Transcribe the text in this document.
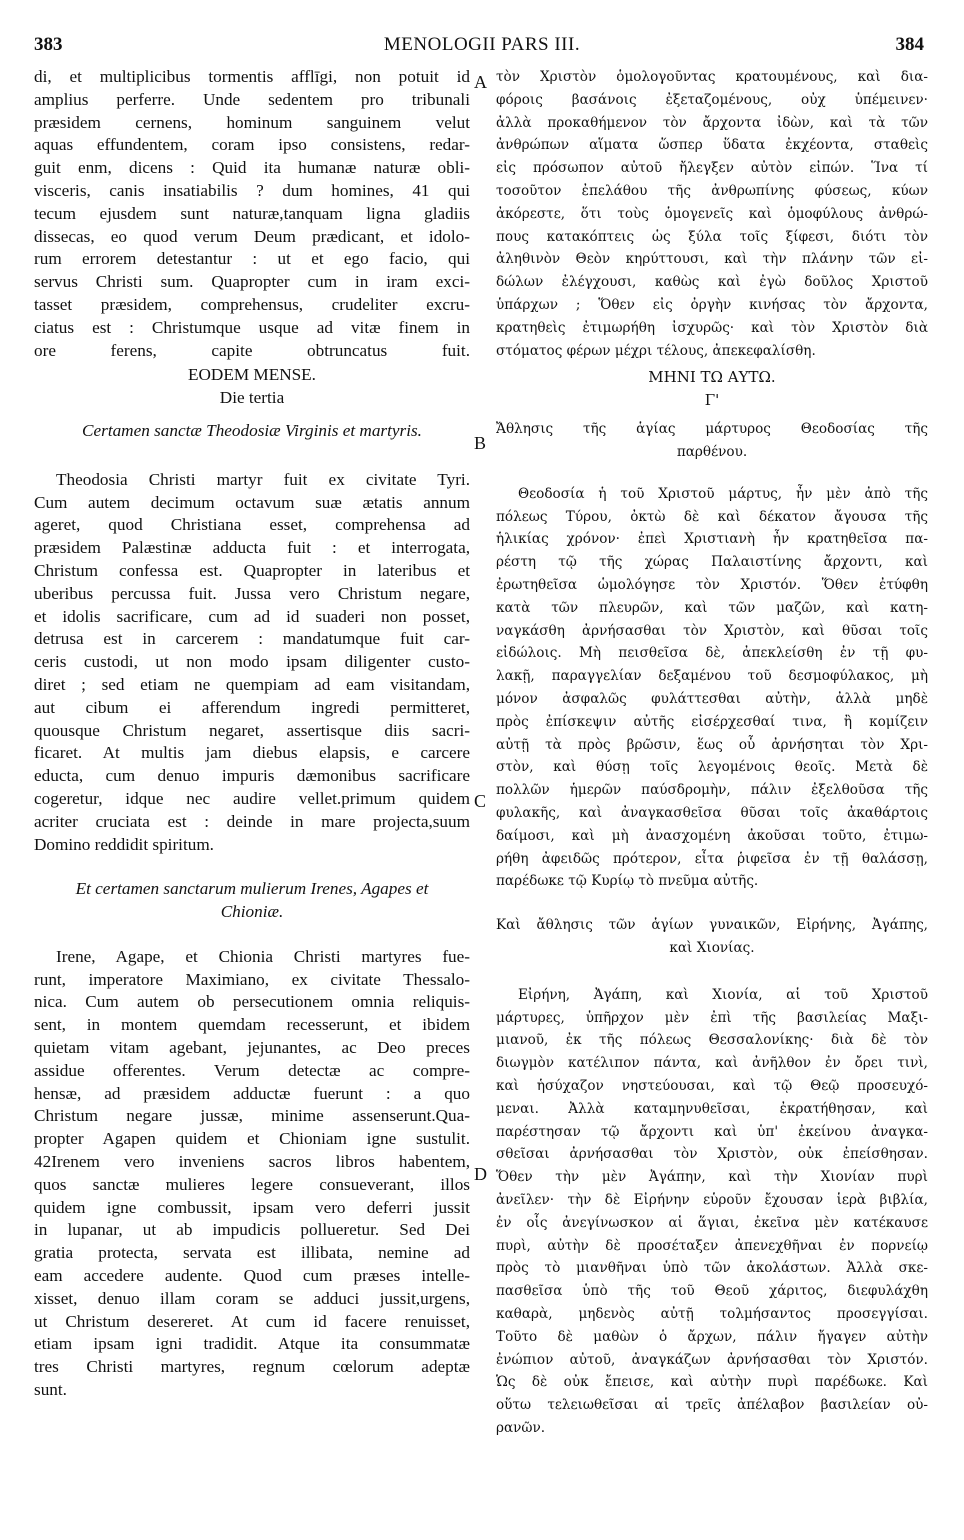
383	MENOLOGII PARS III.	384
A
B
C
D
di, et multiplicibus tormentis afflīgi, non potuit id
amplius perferre. Unde sedentem pro tribunali
præsidem cernens, hominum sanguinem velut
aquas effundentem, coram ipso consistens, redar-
guit enm, dicens : Quid ita humanæ naturæ obli-
visceris, canis insatiabilis ? dum homines, 41 qui
tecum ejusdem sunt naturæ,tanquam ligna gladiis
dissecas, eo quod verum Deum prædicant, et idolo-
rum errorem detestantur : ut et ego facio, qui
servus Christi sum. Quapropter cum in iram exci-
tasset præsidem, comprehensus, crudeliter excru-
ciatus est : Christumque usque ad vitæ finem in
ore ferens, capite obtruncatus fuit.
EODEM MENSE.
Die tertia
Certamen sanctæ Theodosiæ Virginis et martyris.
Theodosia Christi martyr fuit ex civitate Tyri.
Cum autem decimum octavum suæ ætatis annum
ageret, quod Christiana esset, comprehensa ad
præsidem Palæstinæ adducta fuit : et interrogata,
Christum confessa est. Quapropter in lateribus et
uberibus percussa fuit. Jussa vero Christum negare,
et idolis sacrificare, cum ad id suaderi non posset,
detrusa est in carcerem : mandatumque fuit car-
ceris custodi, ut non modo ipsam diligenter custo-
diret ; sed etiam ne quempiam ad eam visitandam,
aut cibum ei afferendum ingredi permitteret,
quousque Christum negaret, assertisque diis sacri-
ficaret. At multis jam diebus elapsis, e carcere
educta, cum denuo impuris dæmonibus sacrificare
cogeretur, idque nec audire vellet.primum quidem
acriter cruciata est : deinde in mare projecta,suum
Domino reddidit spiritum.
Et certamen sanctarum mulierum Irenes, Agapes et
Chioniæ.
Irene, Agape, et Chionia Christi martyres fue-
runt, imperatore Maximiano, ex civitate Thessalo-
nica. Cum autem ob persecutionem omnia reliquis-
sent, in montem quemdam recesserunt, et ibidem
quietam vitam agebant, jejunantes, ac Deo preces
assidue offerentes. Verum detectæ ac compre-
hensæ, ad præsidem adductæ fuerunt : a quo
Christum negare jussæ, minime assenserunt.Qua-
propter Agapen quidem et Chioniam igne sustulit.
42Irenem vero inveniens sacros libros habentem,
quos sanctæ mulieres legere consueverant, illos
quidem igne combussit, ipsam vero deferri jussit
in lupanar, ut ab impudicis pollueretur. Sed Dei
gratia protecta, servata est illibata, nemine ad
eam accedere audente. Quod cum præses intelle-
xisset, denuo illam coram se adduci jussit,urgens,
ut Christum desereret. At cum id facere renuisset,
etiam ipsam igni tradidit. Atque ita consummatæ
tres Christi martyres, regnum cœlorum adeptæ
sunt.
τὸν Χριστὸν ὁμολογοῦντας κρατουμένους, καὶ δια-
φόροις βασάνοις ἐξεταζομένους, οὐχ ὑπέμεινεν·
ἀλλὰ προκαθήμενον τὸν ἄρχοντα ἰδὼν, καὶ τὰ τῶν
ἀνθρώπων αἵματα ὥσπερ ὕδατα ἐκχέοντα, σταθεὶς
εἰς πρόσωπον αὐτοῦ ἤλεγξεν αὐτὸν εἰπών. Ἵνα τί
τοσοῦτον ἐπελάθου τῆς ἀνθρωπίνης φύσεως, κύων
ἀκόρεστε, ὅτι τοὺς ὁμογενεῖς καὶ ὁμοφύλους ἀνθρώ-
πους κατακόπτεις ὡς ξύλα τοῖς ξίφεσι, διότι τὸν
ἀληθινὸν Θεὸν κηρύττουσι, καὶ τὴν πλάνην τῶν εἰ-
δώλων ἐλέγχουσι, καθὼς καὶ ἐγὼ δοῦλος Χριστοῦ
ὑπάρχων ; Ὅθεν εἰς ὀργὴν κινήσας τὸν ἄρχοντα,
κρατηθεὶς ἐτιμωρήθη ἰσχυρῶς· καὶ τὸν Χριστὸν διὰ
στόματος φέρων μέχρι τέλους, ἀπεκεφαλίσθη.
ΜΗΝΙ ΤΩ ΑΥΤΩ.
Γ'
Ἄθλησις τῆς ἁγίας μάρτυρος Θεοδοσίας τῆς
παρθένου.
Θεοδοσία ἡ τοῦ Χριστοῦ μάρτυς, ἦν μὲν ἀπὸ τῆς
πόλεως Τύρου, ὀκτὼ δὲ καὶ δέκατον ἄγουσα τῆς
ἡλικίας χρόνον· ἐπεὶ Χριστιανὴ ἦν κρατηθεῖσα πα-
ρέστη τῷ τῆς χώρας Παλαιστίνης ἄρχοντι, καὶ
ἐρωτηθεῖσα ὡμολόγησε τὸν Χριστόν. Ὅθεν ἐτύφθη
κατὰ τῶν πλευρῶν, καὶ τῶν μαζῶν, καὶ κατη-
ναγκάσθη ἀρνήσασθαι τὸν Χριστὸν, καὶ θῦσαι τοῖς
εἰδώλοις. Μὴ πεισθεῖσα δὲ, ἀπεκλείσθη ἐν τῇ φυ-
λακῇ, παραγγελίαν δεξαμένου τοῦ δεσμοφύλακος, μὴ
μόνον ἀσφαλῶς φυλάττεσθαι αὐτὴν, ἀλλὰ μηδὲ
πρὸς ἐπίσκεψιν αὐτῆς εἰσέρχεσθαί τινα, ἢ κομίζειν
αὐτῇ τὰ πρὸς βρῶσιν, ἕως οὗ ἀρνήσηται τὸν Χρι-
στὸν, καὶ θύσῃ τοῖς λεγομένοις θεοῖς. Μετὰ δὲ
πολλῶν ἡμερῶν παύσδρομὴν, πάλιν ἐξελθοῦσα τῆς
φυλακῆς, καὶ ἀναγκασθεῖσα θῦσαι τοῖς ἀκαθάρτοις
δαίμοσι, καὶ μὴ ἀνασχομένη ἀκοῦσαι τοῦτο, ἐτιμω-
ρήθη ἀφειδῶς πρότερον, εἶτα ῥιφεῖσα ἐν τῇ θαλάσσῃ,
παρέδωκε τῷ Κυρίῳ τὸ πνεῦμα αὐτῆς.
Καὶ ἄθλησις τῶν ἁγίων γυναικῶν, Εἰρήνης, Ἀγάπης,
καὶ Χιονίας.
Εἰρήνη, Ἀγάπη, καὶ Χιονία, αἱ τοῦ Χριστοῦ
μάρτυρες, ὑπῆρχον μὲν ἐπὶ τῆς βασιλείας Μαξι-
μιανοῦ, ἐκ τῆς πόλεως Θεσσαλονίκης· διὰ δὲ τὸν
διωγμὸν κατέλιπον πάντα, καὶ ἀνῆλθον ἐν ὄρει τινὶ,
καὶ ἡσύχαζον νηστεύουσαι, καὶ τῷ Θεῷ προσευχό-
μεναι. Ἀλλὰ καταμηνυθεῖσαι, ἐκρατήθησαν, καὶ
παρέστησαν τῷ ἄρχοντι καὶ ὑπ' ἐκείνου ἀναγκα-
σθεῖσαι ἀρνήσασθαι τὸν Χριστὸν, οὐκ ἐπείσθησαν.
Ὅθεν τὴν μὲν Ἀγάπην, καὶ τὴν Χιονίαν πυρὶ
ἀνεῖλεν· τὴν δὲ Εἰρήνην εὑροῦν ἔχουσαν ἱερὰ βιβλία,
ἐν οἷς ἀνεγίνωσκον αἱ ἅγιαι, ἐκεῖνα μὲν κατέκαυσε
πυρὶ, αὐτὴν δὲ προσέταξεν ἀπενεχθῆναι ἐν πορνείῳ
πρὸς τὸ μιανθῆναι ὑπὸ τῶν ἀκολάστων. Ἀλλὰ σκε-
πασθεῖσα ὑπὸ τῆς τοῦ Θεοῦ χάριτος, διεφυλάχθη
καθαρὰ, μηδενὸς αὐτῇ τολμήσαντος προσεγγίσαι.
Τοῦτο δὲ μαθὼν ὁ ἄρχων, πάλιν ἤγαγεν αὐτὴν
ἐνώπιον αὐτοῦ, ἀναγκάζων ἀρνήσασθαι τὸν Χριστόν.
Ὡς δὲ οὐκ ἔπεισε, καὶ αὐτὴν πυρὶ παρέδωκε. Καὶ
οὕτω τελειωθεῖσαι αἱ τρεῖς ἀπέλαβον βασιλείαν οὐ-
ρανῶν.
